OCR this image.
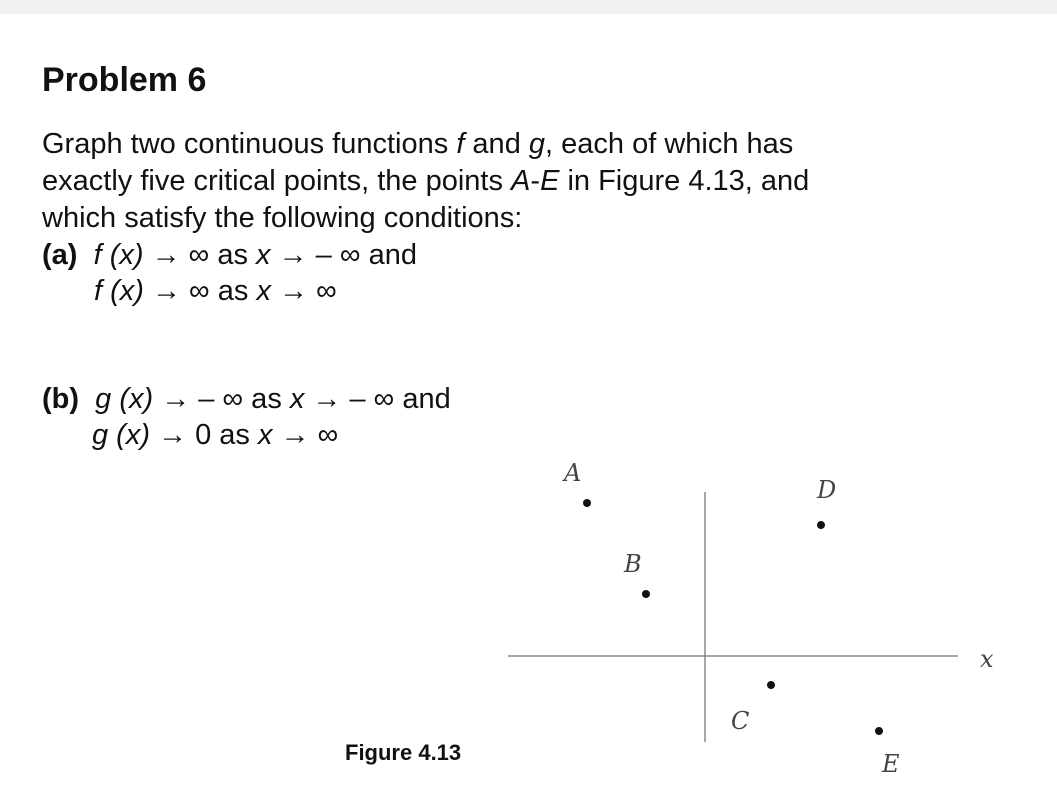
Problem 6
Graph two continuous functions f and g, each of which has
exactly five critical points, the points A-E in Figure 4.13, and
which satisfy the following conditions:
(a) f (x) → ∞ as x → – ∞ and
f (x) → ∞ as x → ∞
(b) g (x) → – ∞ as x → – ∞ and
g (x) → 0 as x → ∞
x
A
B
C
D
E
Figure 4.13
